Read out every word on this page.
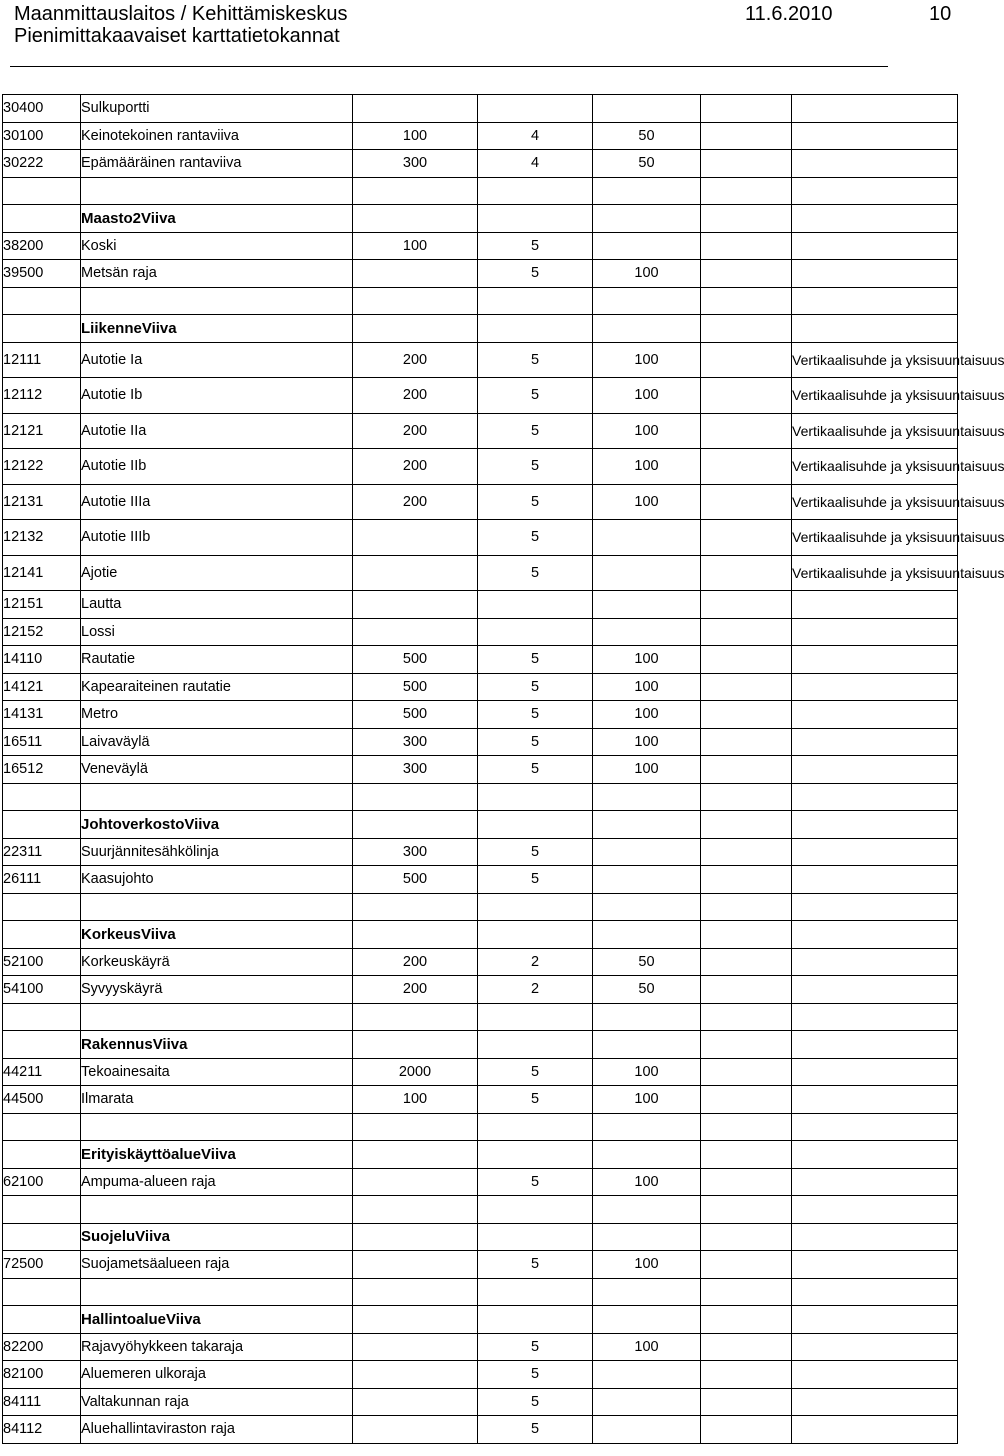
Maanmittauslaitos / Kehittämiskeskus
Pienimittakaavaiset karttatietokannat
11.6.2010	10
30400	Sulkuportti					
30100	Keinotekoinen rantaviiva	100	4	50		
30222	Epämääräinen rantaviiva	300	4	50		

	Maasto2Viiva					
38200	Koski	100	5			
39500	Metsän raja		5	100		

	LiikenneViiva					
12111	Autotie Ia	200	5	100		Vertikaalisuhde ja yksisuuntaisuus
12112	Autotie Ib	200	5	100		Vertikaalisuhde ja yksisuuntaisuus
12121	Autotie IIa	200	5	100		Vertikaalisuhde ja yksisuuntaisuus
12122	Autotie IIb	200	5	100		Vertikaalisuhde ja yksisuuntaisuus
12131	Autotie IIIa	200	5	100		Vertikaalisuhde ja yksisuuntaisuus
12132	Autotie IIIb		5			Vertikaalisuhde ja yksisuuntaisuus
12141	Ajotie		5			Vertikaalisuhde ja yksisuuntaisuus
12151	Lautta					
12152	Lossi					
14110	Rautatie	500	5	100		
14121	Kapearaiteinen rautatie	500	5	100		
14131	Metro	500	5	100		
16511	Laivaväylä	300	5	100		
16512	Veneväylä	300	5	100		

	JohtoverkostoViiva					
22311	Suurjännitesähkölinja	300	5			
26111	Kaasujohto	500	5			

	KorkeusViiva					
52100	Korkeuskäyrä	200	2	50		
54100	Syvyyskäyrä	200	2	50		

	RakennusViiva					
44211	Tekoainesaita	2000	5	100		
44500	Ilmarata	100	5	100		

	ErityiskäyttöalueViiva					
62100	Ampuma-alueen raja		5	100		

	SuojeluViiva					
72500	Suojametsäalueen raja		5	100		

	HallintoalueViiva					
82200	Rajavyöhykkeen takaraja		5	100		
82100	Aluemeren ulkoraja		5			
84111	Valtakunnan raja		5			
84112	Aluehallintaviraston raja		5			
